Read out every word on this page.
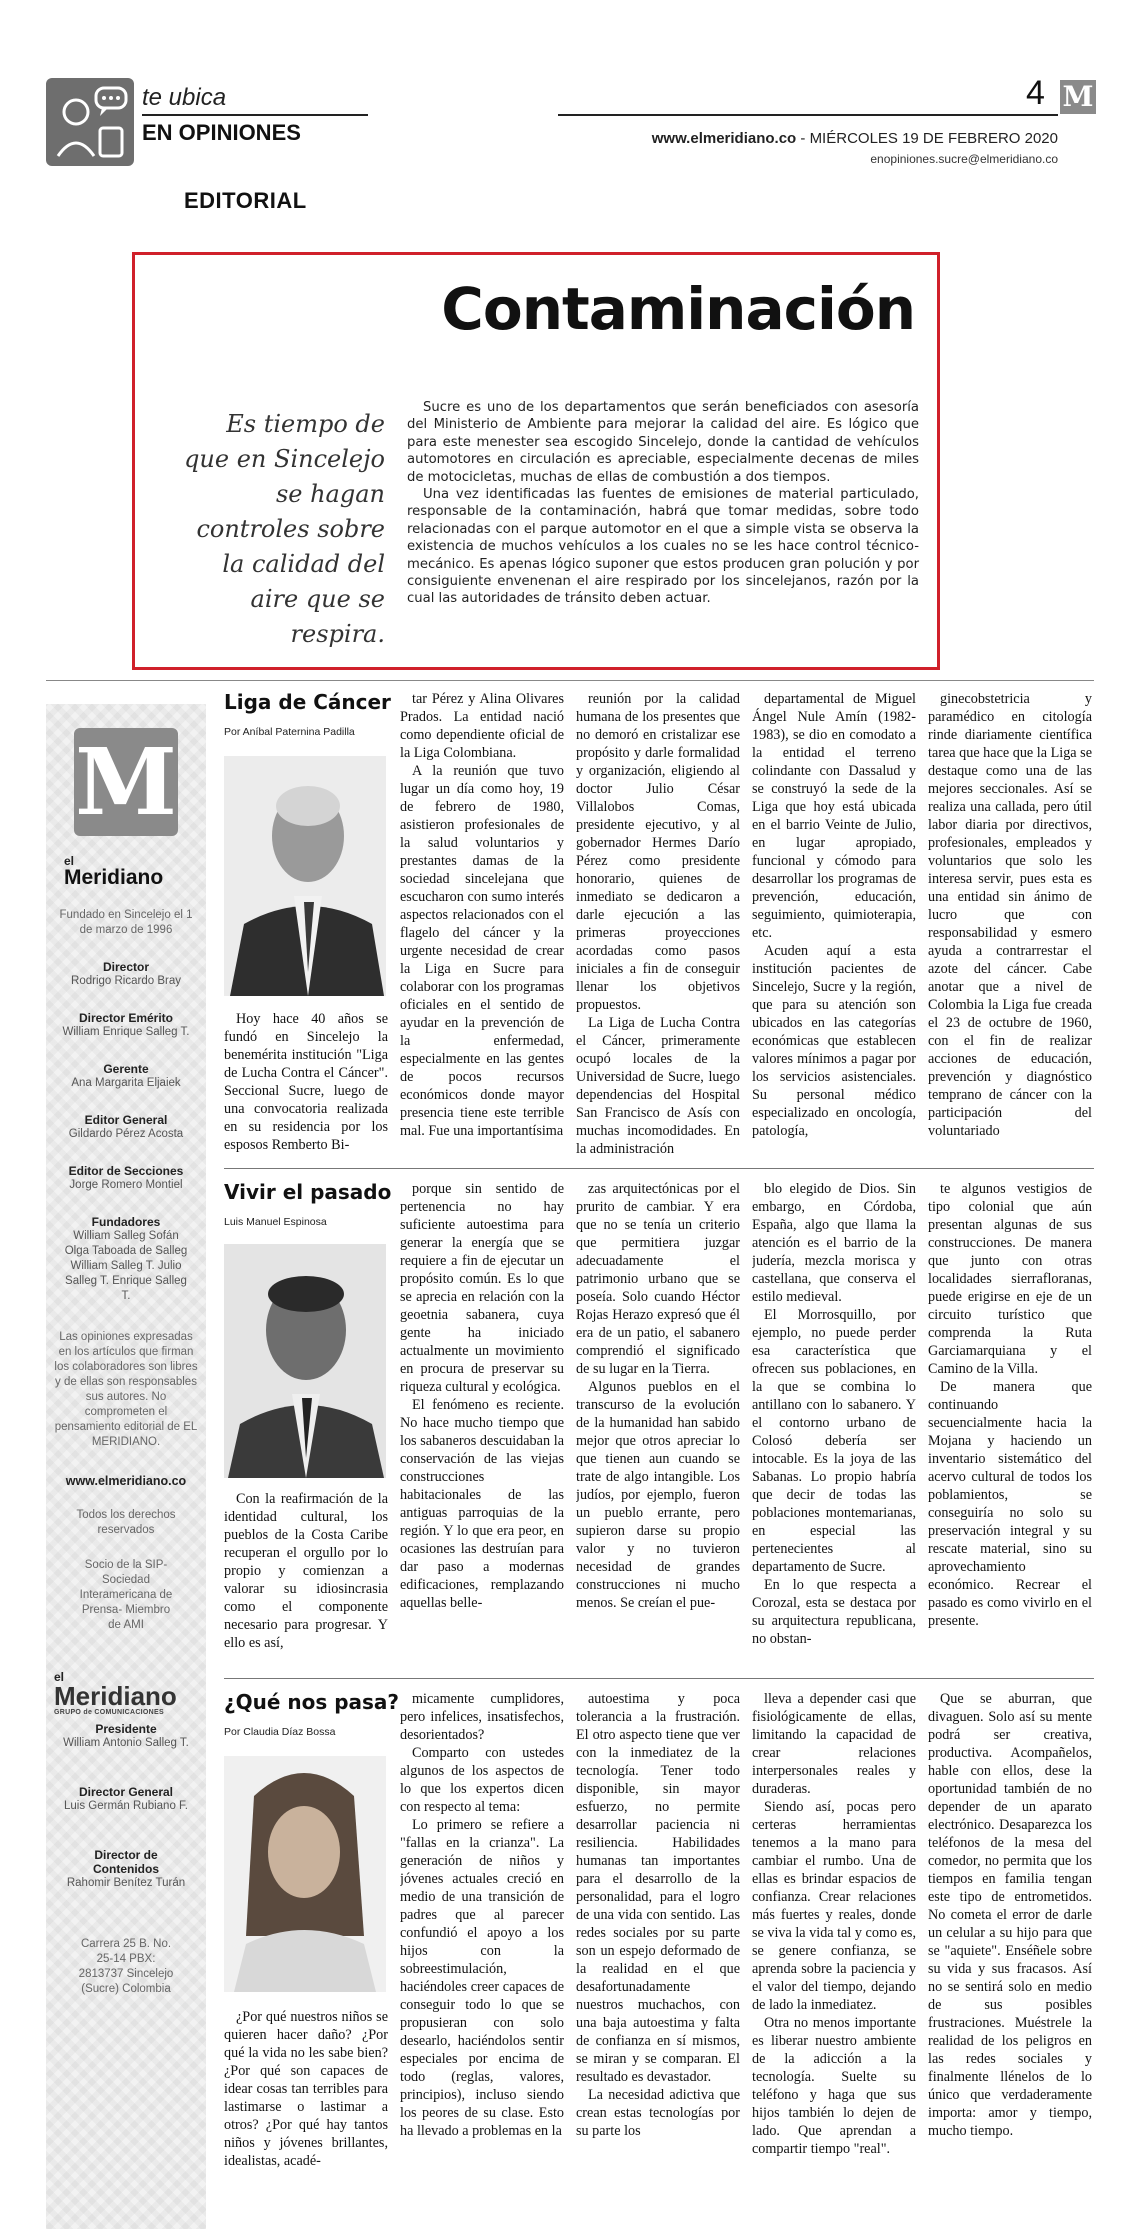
te ubica
EN OPINIONES
4 M
www.elmeridiano.co - MIÉRCOLES 19 DE FEBRERO 2020
enopiniones.sucre@elmeridiano.co
EDITORIAL
Contaminación
Es tiempo de que en Sincelejo se hagan controles sobre la calidad del aire que se respira.

Sucre es uno de los departamentos que serán beneficiados con asesoría del Ministerio de Ambiente para mejorar la calidad del aire. Es lógico que para este menester sea escogido Sincelejo, donde la cantidad de vehículos automotores en circulación es apreciable, especialmente decenas de miles de motocicletas, muchas de ellas de combustión a dos tiempos.

Una vez identificadas las fuentes de emisiones de material particulado, responsable de la contaminación, habrá que tomar medidas, sobre todo relacionadas con el parque automotor en el que a simple vista se observa la existencia de muchos vehículos a los cuales no se les hace control técnico-mecánico. Es apenas lógico suponer que estos producen gran polución y por consiguiente envenenan el aire respirado por los sincelejanos, razón por la cual las autoridades de tránsito deben actuar.

M
el
Meridiano
Fundado en Sincelejo el 1 de marzo de 1996
Director
Rodrigo Ricardo Bray
Director Emérito
William Enrique Salleg T.
Gerente
Ana Margarita Eljaiek
Editor General
Gildardo Pérez Acosta
Editor de Secciones
Jorge Romero Montiel
Fundadores
William Salleg Sofán Olga Taboada de Salleg William Salleg T. Julio Salleg T. Enrique Salleg T.
Las opiniones expresadas en los artículos que firman los colaboradores son libres y de ellas son responsables sus autores. No comprometen el pensamiento editorial de EL MERIDIANO.
www.elmeridiano.co
Todos los derechos reservados
Socio de la SIP- Sociedad Interamericana de Prensa- Miembro de AMI
el
Meridiano
GRUPO de COMUNICACIONES
Presidente
William Antonio Salleg T.
Director General
Luis Germán Rubiano F.
Director de Contenidos
Rahomir Benítez Turán
Carrera 25 B. No. 25-14 PBX: 2813737 Sincelejo (Sucre) Colombia
Liga de Cáncer
Por Aníbal Paternina Padilla

Hoy hace 40 años se fundó en Sincelejo la benemérita institución "Liga de Lucha Contra el Cáncer". Seccional Sucre, luego de una convocatoria realizada en su residencia por los esposos Remberto Bi-

tar Pérez y Alina Olivares Prados. La entidad nació como dependiente oficial de la Liga Colombiana.

A la reunión que tuvo lugar un día como hoy, 19 de febrero de 1980, asistieron profesionales de la salud voluntarios y prestantes damas de la sociedad sincelejana que escucharon con sumo interés aspectos relacionados con el flagelo del cáncer y la urgente necesidad de crear la Liga en Sucre para colaborar con los programas oficiales en el sentido de ayudar en la prevención de la enfermedad, especialmente en las gentes de pocos recursos económicos donde mayor presencia tiene este terrible mal. Fue una importantísima

reunión por la calidad humana de los presentes que no demoró en cristalizar ese propósito y darle formalidad y organización, eligiendo al doctor Julio César Villalobos Comas, presidente ejecutivo, y al gobernador Hermes Darío Pérez como presidente honorario, quienes de inmediato se dedicaron a darle ejecución a las primeras proyecciones acordadas como pasos iniciales a fin de conseguir llenar los objetivos propuestos.

La Liga de Lucha Contra el Cáncer, primeramente ocupó locales de la Universidad de Sucre, luego dependencias del Hospital San Francisco de Asís con muchas incomodidades. En la administración

departamental de Miguel Ángel Nule Amín (1982-1983), se dio en comodato a la entidad el terreno colindante con Dassalud y se construyó la sede de la Liga que hoy está ubicada en el barrio Veinte de Julio, en lugar apropiado, funcional y cómodo para desarrollar los programas de prevención, educación, seguimiento, quimioterapia, etc.

Acuden aquí a esta institución pacientes de Sincelejo, Sucre y la región, que para su atención son ubicados en las categorías económicas que establecen valores mínimos a pagar por los servicios asistenciales. Su personal médico especializado en oncología, patología,

ginecobstetricia y paramédico en citología rinde diariamente científica tarea que hace que la Liga se destaque como una de las mejores seccionales. Así se realiza una callada, pero útil labor diaria por directivos, profesionales, empleados y voluntarios que solo les interesa servir, pues esta es una entidad sin ánimo de lucro que con responsabilidad y esmero ayuda a contrarrestar el azote del cáncer. Cabe anotar que a nivel de Colombia la Liga fue creada el 23 de octubre de 1960, con el fin de realizar acciones de educación, prevención y diagnóstico temprano de cáncer con la participación del voluntariado

Vivir el pasado
Luis Manuel Espinosa

Con la reafirmación de la identidad cultural, los pueblos de la Costa Caribe recuperan el orgullo por lo propio y comienzan a valorar su idiosincrasia como el componente necesario para progresar. Y ello es así,

porque sin sentido de pertenencia no hay suficiente autoestima para generar la energía que se requiere a fin de ejecutar un propósito común. Es lo que se aprecia en relación con la geoetnia sabanera, cuya gente ha iniciado actualmente un movimiento en procura de preservar su riqueza cultural y ecológica.

El fenómeno es reciente. No hace mucho tiempo que los sabaneros descuidaban la conservación de las viejas construcciones habitacionales de las antiguas parroquias de la región. Y lo que era peor, en ocasiones las destruían para dar paso a modernas edificaciones, remplazando aquellas belle-

zas arquitectónicas por el prurito de cambiar. Y era que no se tenía un criterio que permitiera juzgar adecuadamente el patrimonio urbano que se poseía. Solo cuando Héctor Rojas Herazo expresó que él era de un patio, el sabanero comprendió el significado de su lugar en la Tierra.

Algunos pueblos en el transcurso de la evolución de la humanidad han sabido mejor que otros apreciar lo que tienen aun cuando se trate de algo intangible. Los judíos, por ejemplo, fueron un pueblo errante, pero supieron darse su propio valor y no tuvieron necesidad de grandes construcciones ni mucho menos. Se creían el pue-

blo elegido de Dios. Sin embargo, en Córdoba, España, algo que llama la atención es el barrio de la judería, mezcla morisca y castellana, que conserva el estilo medieval.

El Morrosquillo, por ejemplo, no puede perder esa característica que ofrecen sus poblaciones, en la que se combina lo antillano con lo sabanero. Y el contorno urbano de Colosó debería ser intocable. Es la joya de las Sabanas. Lo propio habría que decir de todas las poblaciones montemarianas, en especial las pertenecientes al departamento de Sucre.

En lo que respecta a Corozal, esta se destaca por su arquitectura republicana, no obstan-

te algunos vestigios de tipo colonial que aún presentan algunas de sus construcciones. De manera que junto con otras localidades sierrafloranas, puede erigirse en eje de un circuito turístico que comprenda la Ruta Garciamarquiana y el Camino de la Villa.

De manera que continuando secuencialmente hacia la Mojana y haciendo un inventario sistemático del acervo cultural de todos los poblamientos, se conseguiría no solo su preservación integral y su rescate material, sino su aprovechamiento económico. Recrear el pasado es como vivirlo en el presente.

¿Qué nos pasa?
Por Claudia Díaz Bossa

¿Por qué nuestros niños se quieren hacer daño? ¿Por qué la vida no les sabe bien? ¿Por qué son capaces de idear cosas tan terribles para lastimarse o lastimar a otros? ¿Por qué hay tantos niños y jóvenes brillantes, idealistas, acadé-

micamente cumplidores, pero infelices, insatisfechos, desorientados?

Comparto con ustedes algunos de los aspectos de lo que los expertos dicen con respecto al tema:

Lo primero se refiere a "fallas en la crianza". La generación de niños y jóvenes actuales creció en medio de una transición de padres que al parecer confundió el apoyo a los hijos con la sobreestimulación, haciéndoles creer capaces de conseguir todo lo que se propusieran con solo desearlo, haciéndolos sentir especiales por encima de todo (reglas, valores, principios), incluso siendo los peores de su clase. Esto ha llevado a problemas en la

autoestima y poca tolerancia a la frustración. El otro aspecto tiene que ver con la inmediatez de la tecnología. Tener todo disponible, sin mayor esfuerzo, no permite desarrollar paciencia ni resiliencia. Habilidades humanas tan importantes para el desarrollo de la personalidad, para el logro de una vida con sentido. Las redes sociales por su parte son un espejo deformado de la realidad en el que desafortunadamente nuestros muchachos, con una baja autoestima y falta de confianza en sí mismos, se miran y se comparan. El resultado es devastador.

La necesidad adictiva que crean estas tecnologías por su parte los

lleva a depender casi que fisiológicamente de ellas, limitando la capacidad de crear relaciones interpersonales reales y duraderas.

Siendo así, pocas pero certeras herramientas tenemos a la mano para cambiar el rumbo. Una de ellas es brindar espacios de confianza. Crear relaciones más fuertes y reales, donde se viva la vida tal y como es, se genere confianza, se aprenda sobre la paciencia y el valor del tiempo, dejando de lado la inmediatez.

Otra no menos importante es liberar nuestro ambiente de la adicción a la tecnología. Suelte su teléfono y haga que sus hijos también lo dejen de lado. Que aprendan a compartir tiempo "real".

Que se aburran, que divaguen. Solo así su mente podrá ser creativa, productiva. Acompañelos, hable con ellos, dese la oportunidad también de no depender de un aparato electrónico. Desaparezca los teléfonos de la mesa del comedor, no permita que los tiempos en familia tengan este tipo de entrometidos. No cometa el error de darle un celular a su hijo para que se "aquiete". Enséñele sobre su vida y sus fracasos. Así no se sentirá solo en medio de sus posibles frustraciones. Muéstrele la realidad de los peligros en las redes sociales y finalmente llénelos de lo único que verdaderamente importa: amor y tiempo, mucho tiempo.
